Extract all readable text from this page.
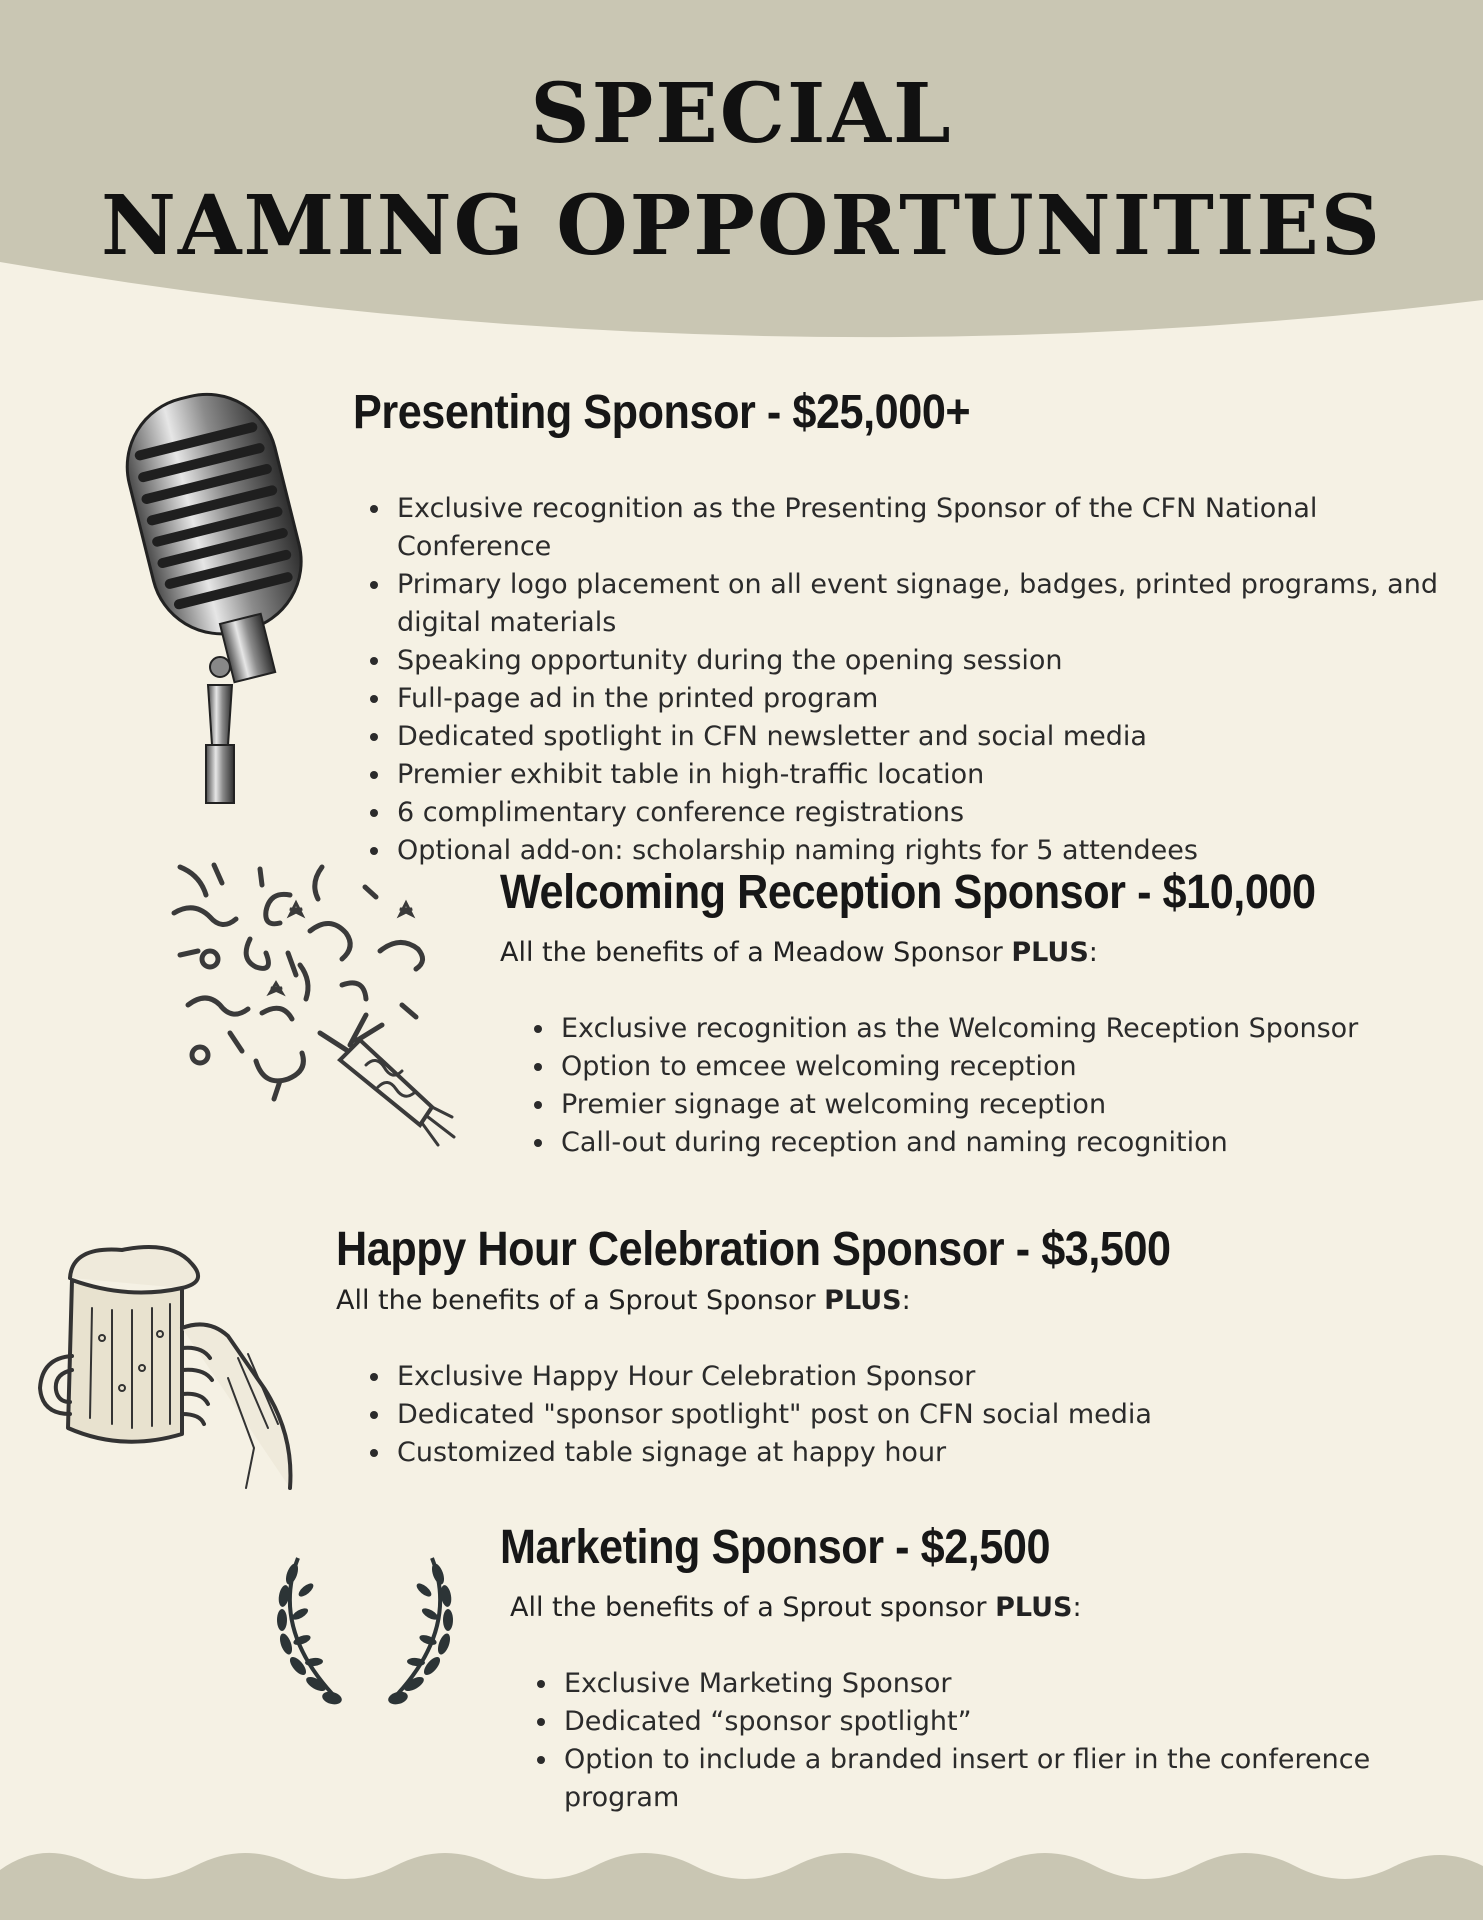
SPECIAL
NAMING OPPORTUNITIES
Presenting Sponsor - $25,000+
• Exclusive recognition as the Presenting Sponsor of the CFN National Conference
• Primary logo placement on all event signage, badges, printed programs, and digital materials
• Speaking opportunity during the opening session
• Full-page ad in the printed program
• Dedicated spotlight in CFN newsletter and social media
• Premier exhibit table in high-traffic location
• 6 complimentary conference registrations
• Optional add-on: scholarship naming rights for 5 attendees
Welcoming Reception Sponsor - $10,000

All the benefits of a Meadow Sponsor PLUS:

• Exclusive recognition as the Welcoming Reception Sponsor
• Option to emcee welcoming reception
• Premier signage at welcoming reception
• Call-out during reception and naming recognition
Happy Hour Celebration Sponsor - $3,500

All the benefits of a Sprout Sponsor PLUS:

• Exclusive Happy Hour Celebration Sponsor
• Dedicated "sponsor spotlight" post on CFN social media
• Customized table signage at happy hour
Marketing Sponsor - $2,500

All the benefits of a Sprout sponsor PLUS:

• Exclusive Marketing Sponsor
• Dedicated “sponsor spotlight”
• Option to include a branded insert or flier in the conference program
